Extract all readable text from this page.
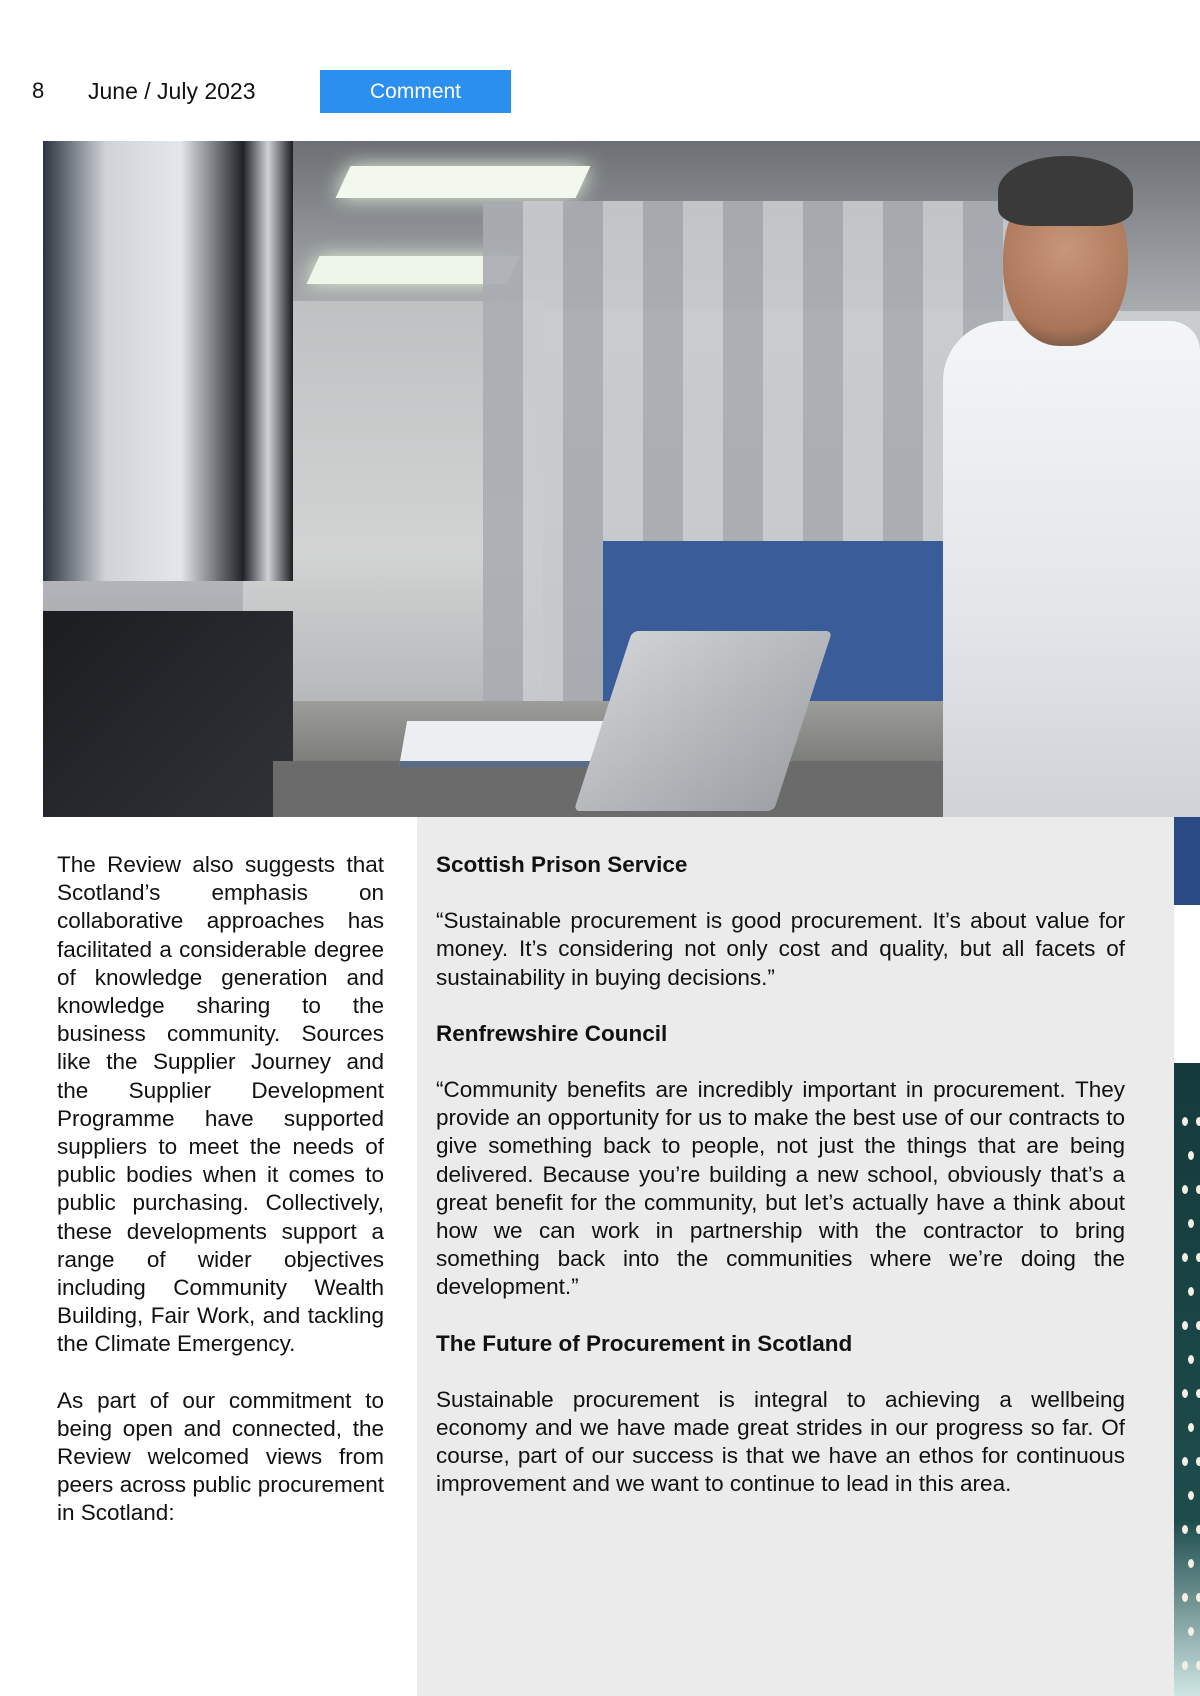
8 June / July 2023	Comment

The Review also suggests that Scotland’s emphasis on collaborative approaches has facilitated a considerable degree of knowledge generation and knowledge sharing to the business community. Sources like the Supplier Journey and the Supplier Development Programme have supported suppliers to meet the needs of public bodies when it comes to public purchasing. Collectively, these developments support a range of wider objectives including Community Wealth Building, Fair Work, and tackling the Climate Emergency.

As part of our commitment to being open and connected, the Review welcomed views from peers across public procurement in Scotland:

Scottish Prison Service

“Sustainable procurement is good procurement. It’s about value for money. It’s considering not only cost and quality, but all facets of sustainability in buying decisions.”

Renfrewshire Council

“Community benefits are incredibly important in procurement. They provide an opportunity for us to make the best use of our contracts to give something back to people, not just the things that are being delivered. Because you’re building a new school, obviously that’s a great benefit for the community, but let’s actually have a think about how we can work in partnership with the contractor to bring something back into the communities where we’re doing the development.”

The Future of Procurement in Scotland

Sustainable procurement is integral to achieving a wellbeing economy and we have made great strides in our progress so far. Of course, part of our success is that we have an ethos for continuous improvement and we want to continue to lead in this area.
